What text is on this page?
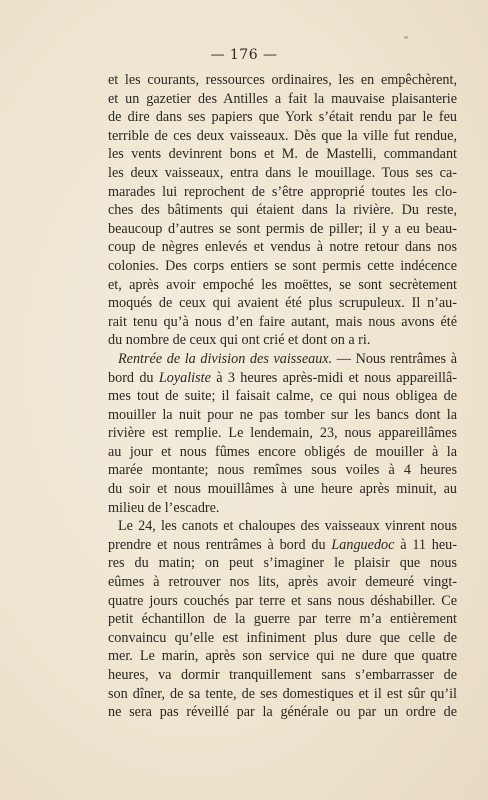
— 176 —

et les courants, ressources ordinaires, les en empêchèrent,

et un gazetier des Antilles a fait la mauvaise plaisanterie

de dire dans ses papiers que York s’était rendu par le feu

terrible de ces deux vaisseaux. Dès que la ville fut rendue,

les vents devinrent bons et M. de Mastelli, commandant

les deux vaisseaux, entra dans le mouillage. Tous ses ca-

marades lui reprochent de s’être approprié toutes les clo-

ches des bâtiments qui étaient dans la rivière. Du reste,

beaucoup d’autres se sont permis de piller; il y a eu beau-

coup de nègres enlevés et vendus à notre retour dans nos

colonies. Des corps entiers se sont permis cette indécence

et, après avoir empoché les moëttes, se sont secrètement

moqués de ceux qui avaient été plus scrupuleux. Il n’au-

rait tenu qu’à nous d’en faire autant, mais nous avons été

du nombre de ceux qui ont crié et dont on a ri.

Rentrée de la division des vaisseaux. — Nous rentrâmes à

bord du Loyaliste à 3 heures après-midi et nous appareillâ-

mes tout de suite; il faisait calme, ce qui nous obligea de

mouiller la nuit pour ne pas tomber sur les bancs dont la

rivière est remplie. Le lendemain, 23, nous appareillâmes

au jour et nous fûmes encore obligés de mouiller à la

marée montante; nous remîmes sous voiles à 4 heures

du soir et nous mouillâmes à une heure après minuit, au

milieu de l’escadre.

Le 24, les canots et chaloupes des vaisseaux vinrent nous

prendre et nous rentrâmes à bord du Languedoc à 11 heu-

res du matin; on peut s’imaginer le plaisir que nous

eûmes à retrouver nos lits, après avoir demeuré vingt-

quatre jours couchés par terre et sans nous déshabiller. Ce

petit échantillon de la guerre par terre m’a entièrement

convaincu qu’elle est infiniment plus dure que celle de

mer. Le marin, après son service qui ne dure que quatre

heures, va dormir tranquillement sans s’embarrasser de

son dîner, de sa tente, de ses domestiques et il est sûr qu’il

ne sera pas réveillé par la générale ou par un ordre de
